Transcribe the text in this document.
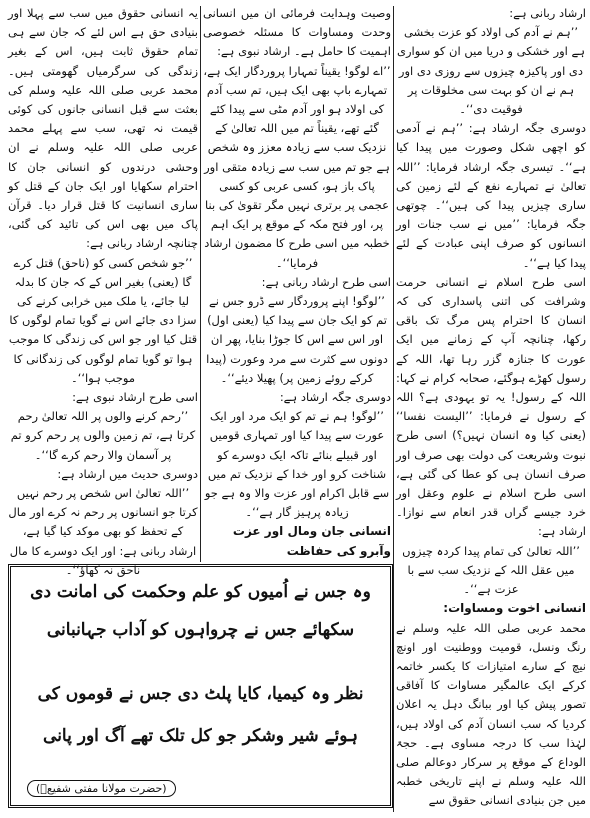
ارشاد ربانی ہے:

’’ہم نے آدم کی اولاد کو عزت بخشی ہے اور خشکی و دریا میں ان کو سواری دی اور پاکیزہ چیزوں سے روزی دی اور ہم نے ان کو بہت سی مخلوقات پر فوقیت دی‘‘۔

دوسری جگہ ارشاد ہے: ’’ہم نے آدمی کو اچھی شکل وصورت میں پیدا کیا ہے‘‘۔ تیسری جگہ ارشاد فرمایا: ’’اللہ تعالیٰ نے تمہارے نفع کے لئے زمین کی ساری چیزیں پیدا کی ہیں‘‘۔ چوتھی جگہ فرمایا: ’’میں نے سب جنات اور انسانوں کو صرف اپنی عبادت کے لئے پیدا کیا ہے‘‘۔

اسی طرح اسلام نے انسانی حرمت وشرافت کی اتنی پاسداری کی کہ انسان کا احترام پس مرگ تک باقی رکھا، چنانچہ آپ کے زمانے میں ایک عورت کا جنازہ گزر رہا تھا، اللہ کے رسول کھڑے ہوگئے، صحابہ کرام نے کہا: اللہ کے رسول! یہ تو یہودی ہے؟ اللہ کے رسول نے فرمایا: ’’الیست نفسا‘‘ (یعنی کیا وہ انسان نہیں؟) اسی طرح نبوت وشریعت کی دولت بھی صرف اور صرف انسان ہی کو عطا کی گئی ہے، اسی طرح اسلام نے علوم وعقل اور خرد جیسے گراں قدر انعام سے نوازا۔ ارشاد ہے:

’’اللہ تعالیٰ کی تمام پیدا کردہ چیزوں میں عقل اللہ کے نزدیک سب سے با عزت ہے‘‘۔

انسانی اخوت ومساوات:

محمد عربی صلی اللہ علیہ وسلم نے رنگ ونسل، قومیت ووطنیت اور اونچ نیچ کے سارے امتیازات کا یکسر خاتمہ کرکے ایک عالمگیر مساوات کا آفاقی تصور پیش کیا اور ببانگ دہل یہ اعلان کردیا کہ سب انسان آدم کی اولاد ہیں، لہٰذا سب کا درجہ مساوی ہے۔ حجۃ الوداع کے موقع پر سرکار دوعالم صلی اللہ علیہ وسلم نے اپنے تاریخی خطبہ میں جن بنیادی انسانی حقوق سے

وصیت وہدایت فرمائی ان میں انسانی وحدت ومساوات کا مسئلہ خصوصی اہمیت کا حامل ہے۔ ارشاد نبوی ہے:

’’اے لوگو! یقیناً تمہارا پروردگار ایک ہے، تمہارے باپ بھی ایک ہیں، تم سب آدم کی اولاد ہو اور آدم مٹی سے پیدا کئے گئے تھے، یقیناً تم میں اللہ تعالیٰ کے نزدیک سب سے زیادہ معزز وہ شخص ہے جو تم میں سب سے زیادہ متقی اور پاک باز ہو، کسی عربی کو کسی عجمی پر برتری نہیں مگر تقویٰ کی بنا پر، اور فتح مکہ کے موقع پر ایک اہم خطبہ میں اسی طرح کا مضمون ارشاد فرمایا‘‘۔

اسی طرح ارشاد ربانی ہے:

’’لوگو! اپنے پروردگار سے ڈرو جس نے تم کو ایک جان سے پیدا کیا (یعنی اول) اور اس سے اس کا جوڑا بنایا، پھر ان دونوں سے کثرت سے مرد وعورت (پیدا کرکے روئے زمین پر) پھیلا دیئے‘‘۔

دوسری جگہ ارشاد ہے:

’’لوگو! ہم نے تم کو ایک مرد اور ایک عورت سے پیدا کیا اور تمہاری قومیں اور قبیلے بنائے تاکہ ایک دوسرے کو شناخت کرو اور خدا کے نزدیک تم میں سے قابل اکرام اور عزت والا وہ ہے جو زیادہ پرہیز گار ہے‘‘۔

انسانی جان ومال اور عزت وآبرو کی حفاظت

یہ انسانی حقوق میں سب سے پہلا اور بنیادی حق ہے اس لئے کہ جان سے ہی تمام حقوق ثابت ہیں، اس کے بغیر زندگی کی سرگرمیاں گھومتی ہیں۔ محمد عربی صلی اللہ علیہ وسلم کی بعثت سے قبل انسانی جانوں کی کوئی قیمت نہ تھی، سب سے پہلے محمد عربی صلی اللہ علیہ وسلم نے ان وحشی درندوں کو انسانی جان کا احترام سکھایا اور ایک جان کے قتل کو ساری انسانیت کا قتل قرار دیا۔ قرآن پاک میں بھی اس کی تائید کی گئی، چنانچہ ارشاد ربانی ہے:

’’جو شخص کسی کو (ناحق) قتل کرے گا (یعنی) بغیر اس کے کہ جان کا بدلہ لیا جائے، یا ملک میں خرابی کرنے کی سزا دی جائے اس نے گویا تمام لوگوں کا قتل کیا اور جو اس کی زندگی کا موجب ہوا تو گویا تمام لوگوں کی زندگانی کا موجب ہوا‘‘۔

اسی طرح ارشاد نبوی ہے:

’’رحم کرنے والوں پر اللہ تعالیٰ رحم کرتا ہے، تم زمین والوں پر رحم کرو تم پر آسمان والا رحم کرے گا‘‘۔

دوسری حدیث میں ارشاد ہے:

’’اللہ تعالیٰ اس شخص پر رحم نہیں کرتا جو انسانوں پر رحم نہ کرے اور مال کے تحفظ کو بھی موکد کیا گیا ہے، ارشاد ربانی ہے: اور ایک دوسرے کا مال ناحق نہ کھاؤ‘‘۔

وہ جس نے اُمیوں کو علم وحکمت کی امانت دی
سکھائے جس نے چرواہوں کو آداب جہانبانی
نظر وہ کیمیا، کایا پلٹ دی جس نے قوموں کی
ہوئے شیر وشکر جو کل تلک تھے آگ اور پانی
(حضرت مولانا مفتی شفیعؒ)
